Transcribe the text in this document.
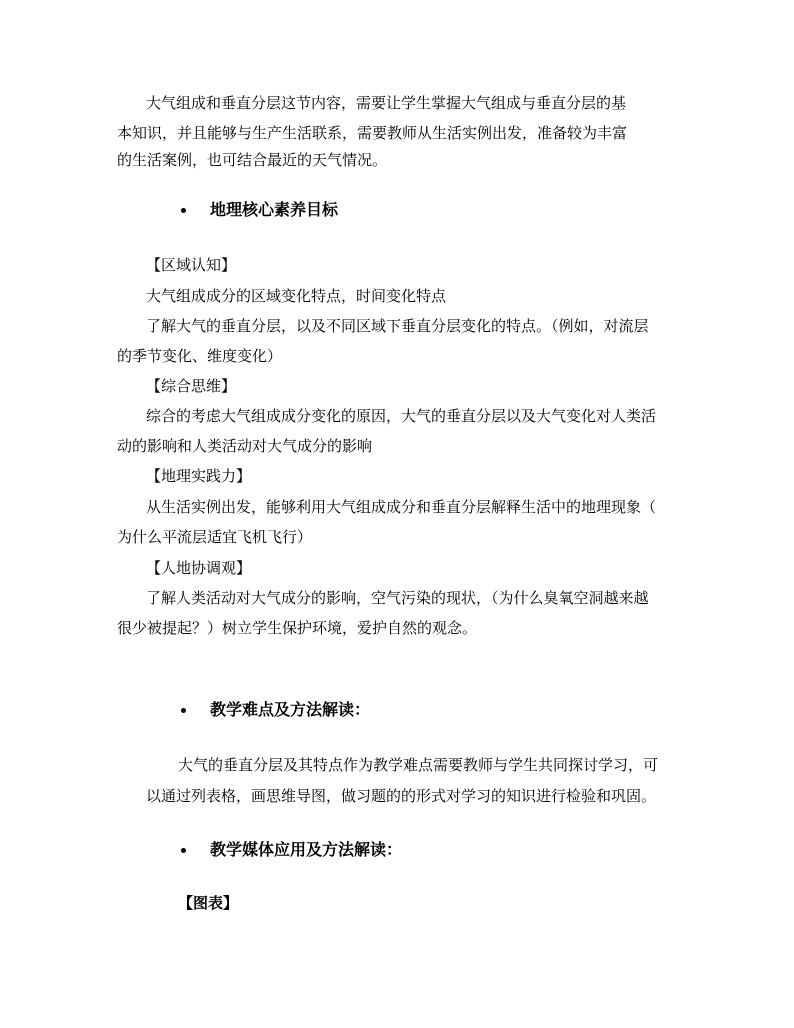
大气组成和垂直分层这节内容，需要让学生掌握大气组成与垂直分层的基
本知识，并且能够与生产生活联系，需要教师从生活实例出发，准备较为丰富
的生活案例，也可结合最近的天气情况。
地理核心素养目标
【区域认知】
大气组成成分的区域变化特点，时间变化特点
了解大气的垂直分层，以及不同区域下垂直分层变化的特点。（例如，对流层
的季节变化、维度变化）
【综合思维】
综合的考虑大气组成成分变化的原因，大气的垂直分层以及大气变化对人类活
动的影响和人类活动对大气成分的影响
【地理实践力】
从生活实例出发，能够利用大气组成成分和垂直分层解释生活中的地理现象（
为什么平流层适宜飞机飞行）
【人地协调观】
了解人类活动对大气成分的影响，空气污染的现状，（为什么臭氧空洞越来越
很少被提起？）树立学生保护环境，爱护自然的观念。
教学难点及方法解读：
大气的垂直分层及其特点作为教学难点需要教师与学生共同探讨学习，可
以通过列表格，画思维导图，做习题的的形式对学习的知识进行检验和巩固。
教学媒体应用及方法解读：
【图表】
